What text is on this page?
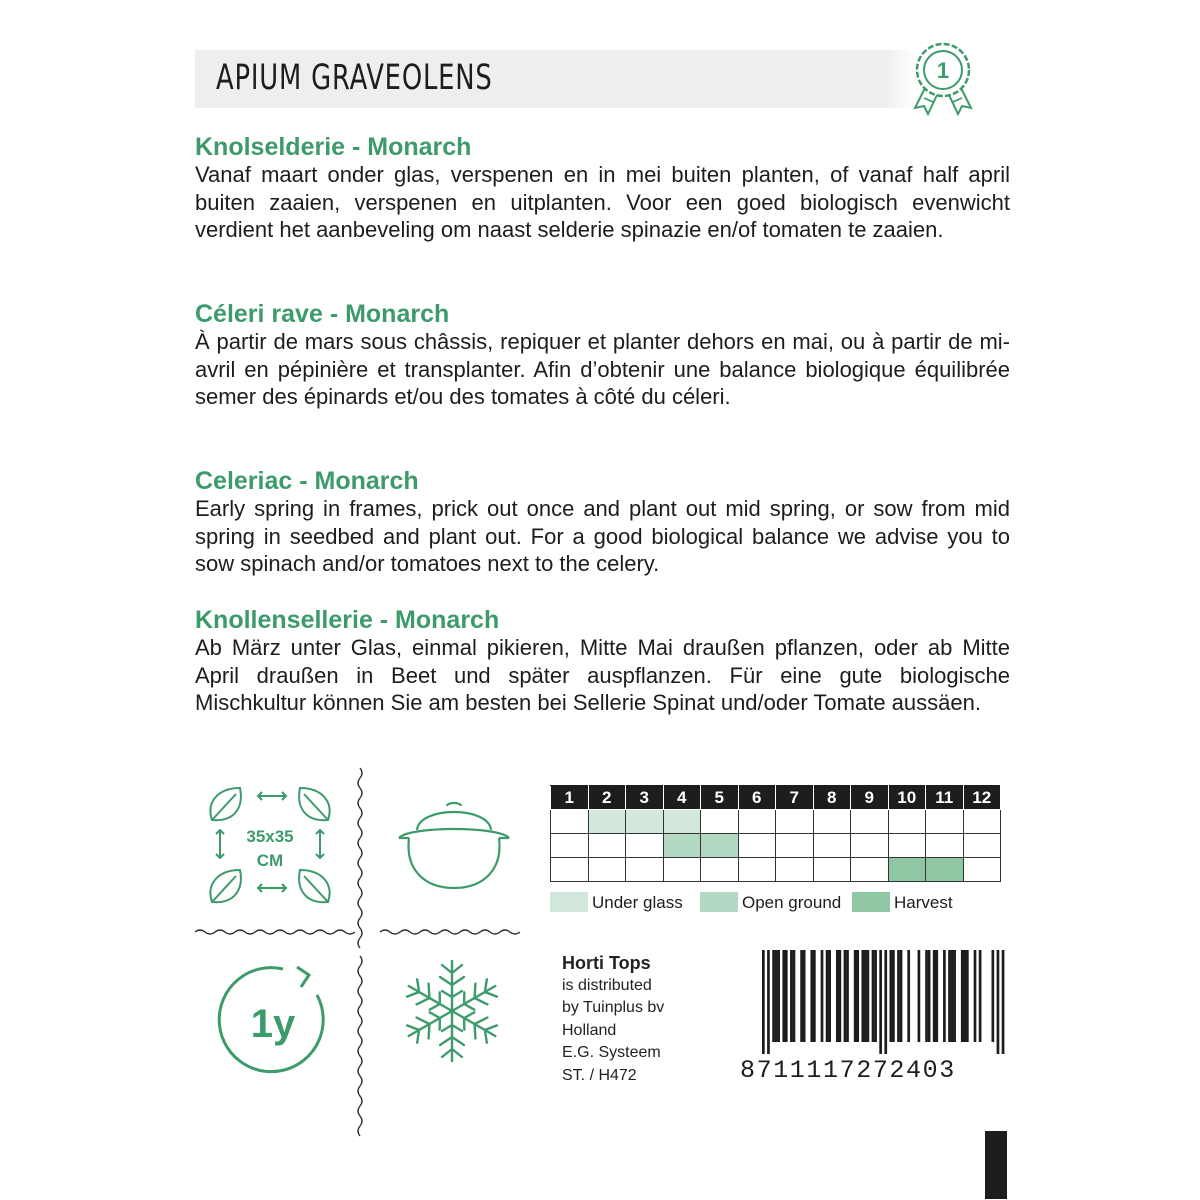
APIUM GRAVEOLENS	1
Knolselderie - Monarch

Vanaf maart onder glas, verspenen en in mei buiten planten, of vanaf half april buiten zaaien, verspenen en uitplanten. Voor een goed biologisch evenwicht verdient het aanbeveling om naast selderie spinazie en/of tomaten te zaaien.

Céleri rave - Monarch

À partir de mars sous châssis, repiquer et planter dehors en mai, ou à partir de mi-avril en pépinière et transplanter. Afin d’obtenir une balance biologique équilibrée semer des épinards et/ou des tomates à côté du céleri.

Celeriac - Monarch

Early spring in frames, prick out once and plant out mid spring, or sow from mid spring in seedbed and plant out. For a good biological balance we advise you to sow spinach and/or tomatoes next to the celery.

Knollensellerie - Monarch

Ab März unter Glas, einmal pikieren, Mitte Mai draußen pflanzen, oder ab Mitte April draußen in Beet und später auspflanzen. Für eine gute biologische Mischkultur können Sie am besten bei Sellerie Spinat und/oder Tomate aussäen.

35x35
CM
1y
1	2	3	4	5	6	7	8	9	10	11	12

Under glass	Open ground	Harvest
Horti Tops
is distributed
by Tuinplus bv
Holland
E.G. Systeem
ST. / H472	8711117272403
